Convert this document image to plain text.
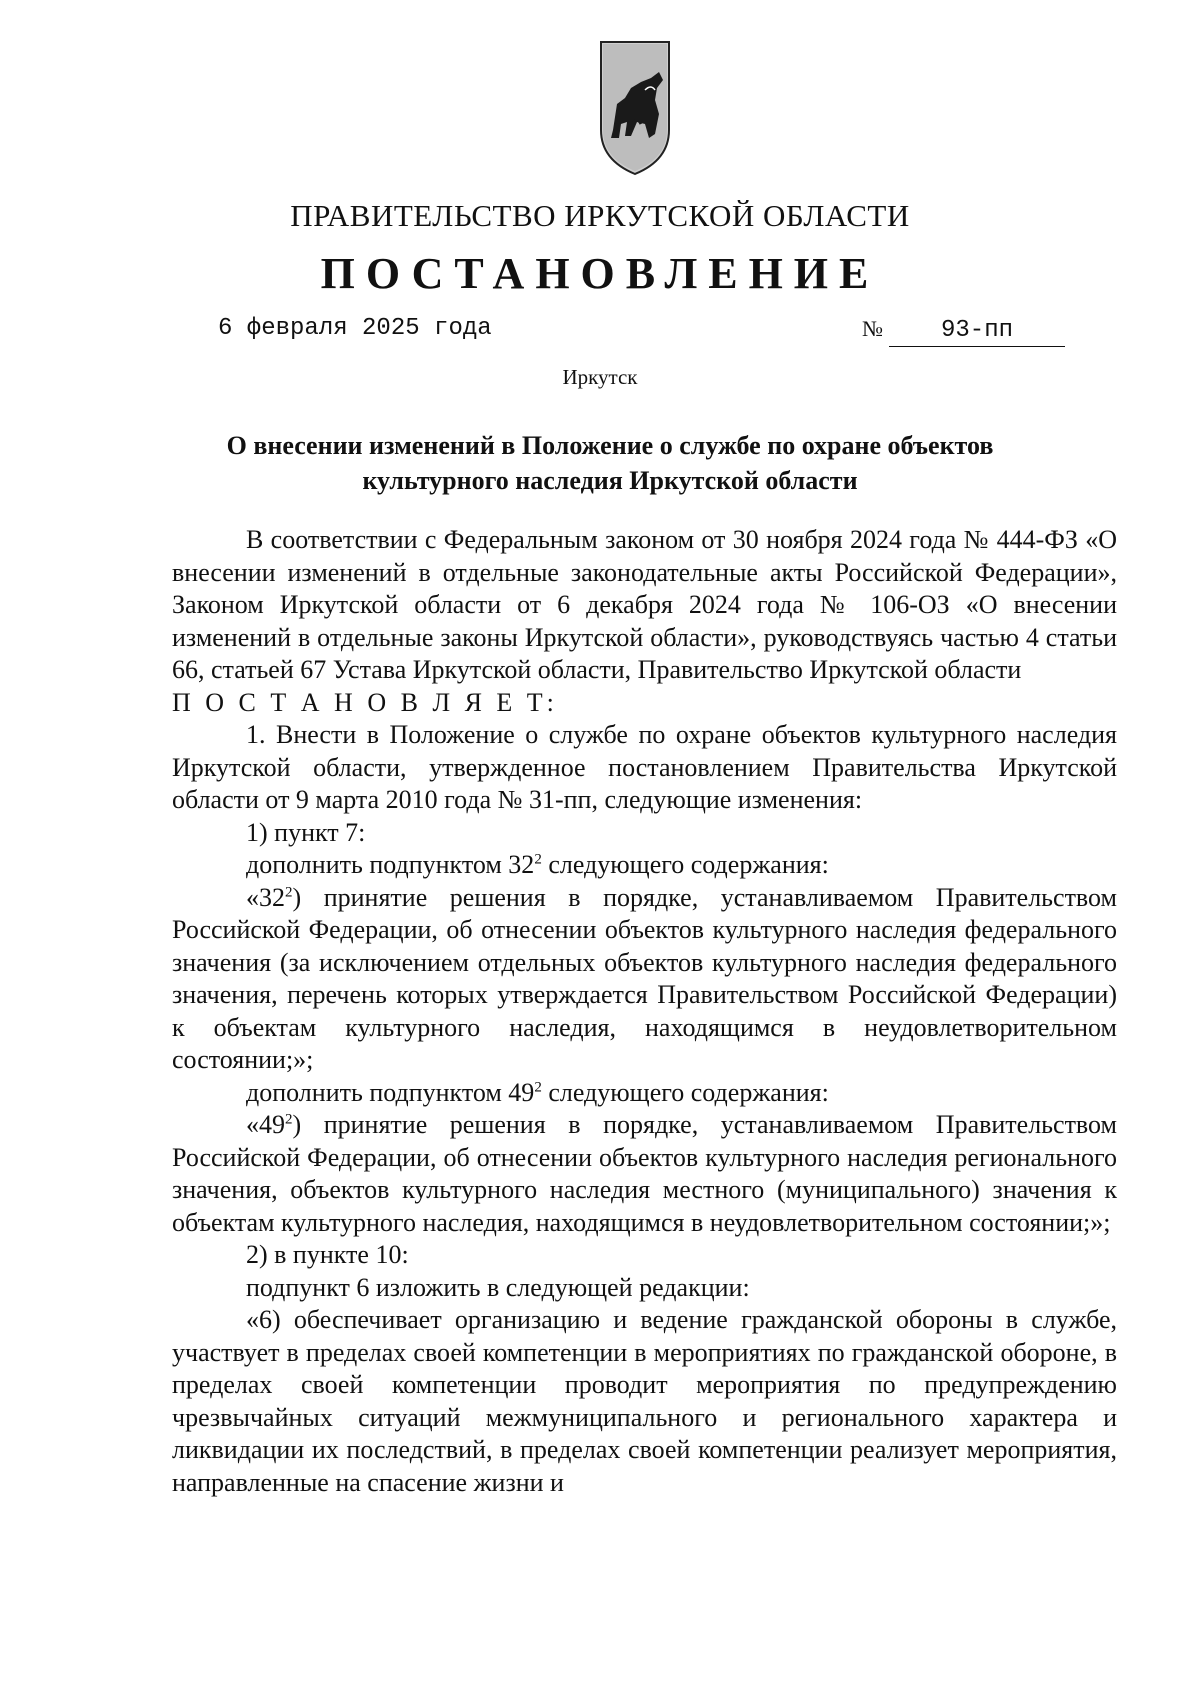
ПРАВИТЕЛЬСТВО ИРКУТСКОЙ ОБЛАСТИ
ПОСТАНОВЛЕНИЕ
6 февраля 2025 года	№ 93-пп
Иркутск
О внесении изменений в Положение о службе по охране объектов
культурного наследия Иркутской области

В соответствии с Федеральным законом от 30 ноября 2024 года № 444-ФЗ «О внесении изменений в отдельные законодательные акты Российской Федерации», Законом Иркутской области от 6 декабря 2024 года № 106-ОЗ «О внесении изменений в отдельные законы Иркутской области», руководствуясь частью 4 статьи 66, статьей 67 Устава Иркутской области, Правительство Иркутской области

П О С Т А Н О В Л Я Е Т:

1. Внести в Положение о службе по охране объектов культурного наследия Иркутской области, утвержденное постановлением Правительства Иркутской области от 9 марта 2010 года № 31-пп, следующие изменения:

1) пункт 7:

дополнить подпунктом $32^2$ следующего содержания:

«$32^2$) принятие решения в порядке, устанавливаемом Правительством Российской Федерации, об отнесении объектов культурного наследия федерального значения (за исключением отдельных объектов культурного наследия федерального значения, перечень которых утверждается Правительством Российской Федерации) к объектам культурного наследия, находящимся в неудовлетворительном состоянии;»;

дополнить подпунктом $49^2$ следующего содержания:

«$49^2$) принятие решения в порядке, устанавливаемом Правительством Российской Федерации, об отнесении объектов культурного наследия регионального значения, объектов культурного наследия местного (муниципального) значения к объектам культурного наследия, находящимся в неудовлетворительном состоянии;»;

2) в пункте 10:

подпункт 6 изложить в следующей редакции:

«6) обеспечивает организацию и ведение гражданской обороны в службе, участвует в пределах своей компетенции в мероприятиях по гражданской обороне, в пределах своей компетенции проводит мероприятия по предупреждению чрезвычайных ситуаций межмуниципального и регионального характера и ликвидации их последствий, в пределах своей компетенции реализует мероприятия, направленные на спасение жизни и
